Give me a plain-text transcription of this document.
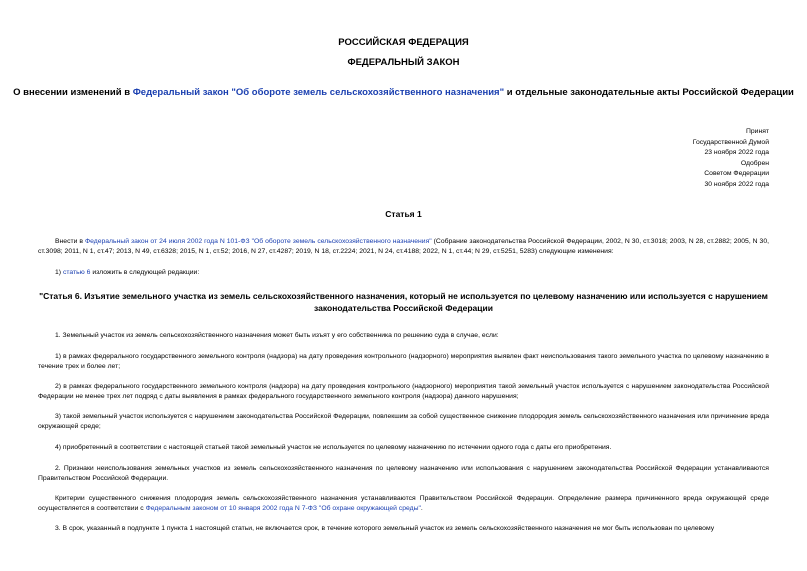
РОССИЙСКАЯ ФЕДЕРАЦИЯ
ФЕДЕРАЛЬНЫЙ ЗАКОН
О внесении изменений в Федеральный закон "Об обороте земель сельскохозяйственного назначения" и отдельные законодательные акты Российской Федерации
Принят
Государственной Думой
23 ноября 2022 года
Одобрен
Советом Федерации
30 ноября 2022 года
Статья 1
Внести в Федеральный закон от 24 июля 2002 года N 101-ФЗ "Об обороте земель сельскохозяйственного назначения" (Собрание законодательства Российской Федерации, 2002, N 30, ст.3018; 2003, N 28, ст.2882; 2005, N 30, ст.3098; 2011, N 1, ст.47; 2013, N 49, ст.6328; 2015, N 1, ст.52; 2016, N 27, ст.4287; 2019, N 18, ст.2224; 2021, N 24, ст.4188; 2022, N 1, ст.44; N 29, ст.5251, 5283) следующие изменения:
1) статью 6 изложить в следующей редакции:
"Статья 6. Изъятие земельного участка из земель сельскохозяйственного назначения, который не используется по целевому назначению или используется с нарушением законодательства Российской Федерации
1. Земельный участок из земель сельскохозяйственного назначения может быть изъят у его собственника по решению суда в случае, если:
1) в рамках федерального государственного земельного контроля (надзора) на дату проведения контрольного (надзорного) мероприятия выявлен факт неиспользования такого земельного участка по целевому назначению в течение трех и более лет;
2) в рамках федерального государственного земельного контроля (надзора) на дату проведения контрольного (надзорного) мероприятия такой земельный участок используется с нарушением законодательства Российской Федерации не менее трех лет подряд с даты выявления в рамках федерального государственного земельного контроля (надзора) данного нарушения;
3) такой земельный участок используется с нарушением законодательства Российской Федерации, повлекшим за собой существенное снижение плодородия земель сельскохозяйственного назначения или причинение вреда окружающей среде;
4) приобретенный в соответствии с настоящей статьей такой земельный участок не используется по целевому назначению по истечении одного года с даты его приобретения.
2. Признаки неиспользования земельных участков из земель сельскохозяйственного назначения по целевому назначению или использования с нарушением законодательства Российской Федерации устанавливаются Правительством Российской Федерации.
Критерии существенного снижения плодородия земель сельскохозяйственного назначения устанавливаются Правительством Российской Федерации. Определение размера причиненного вреда окружающей среде осуществляется в соответствии с Федеральным законом от 10 января 2002 года N 7-ФЗ "Об охране окружающей среды".
3. В срок, указанный в подпункте 1 пункта 1 настоящей статьи, не включается срок, в течение которого земельный участок из земель сельскохозяйственного назначения не мог быть использован по целевому
